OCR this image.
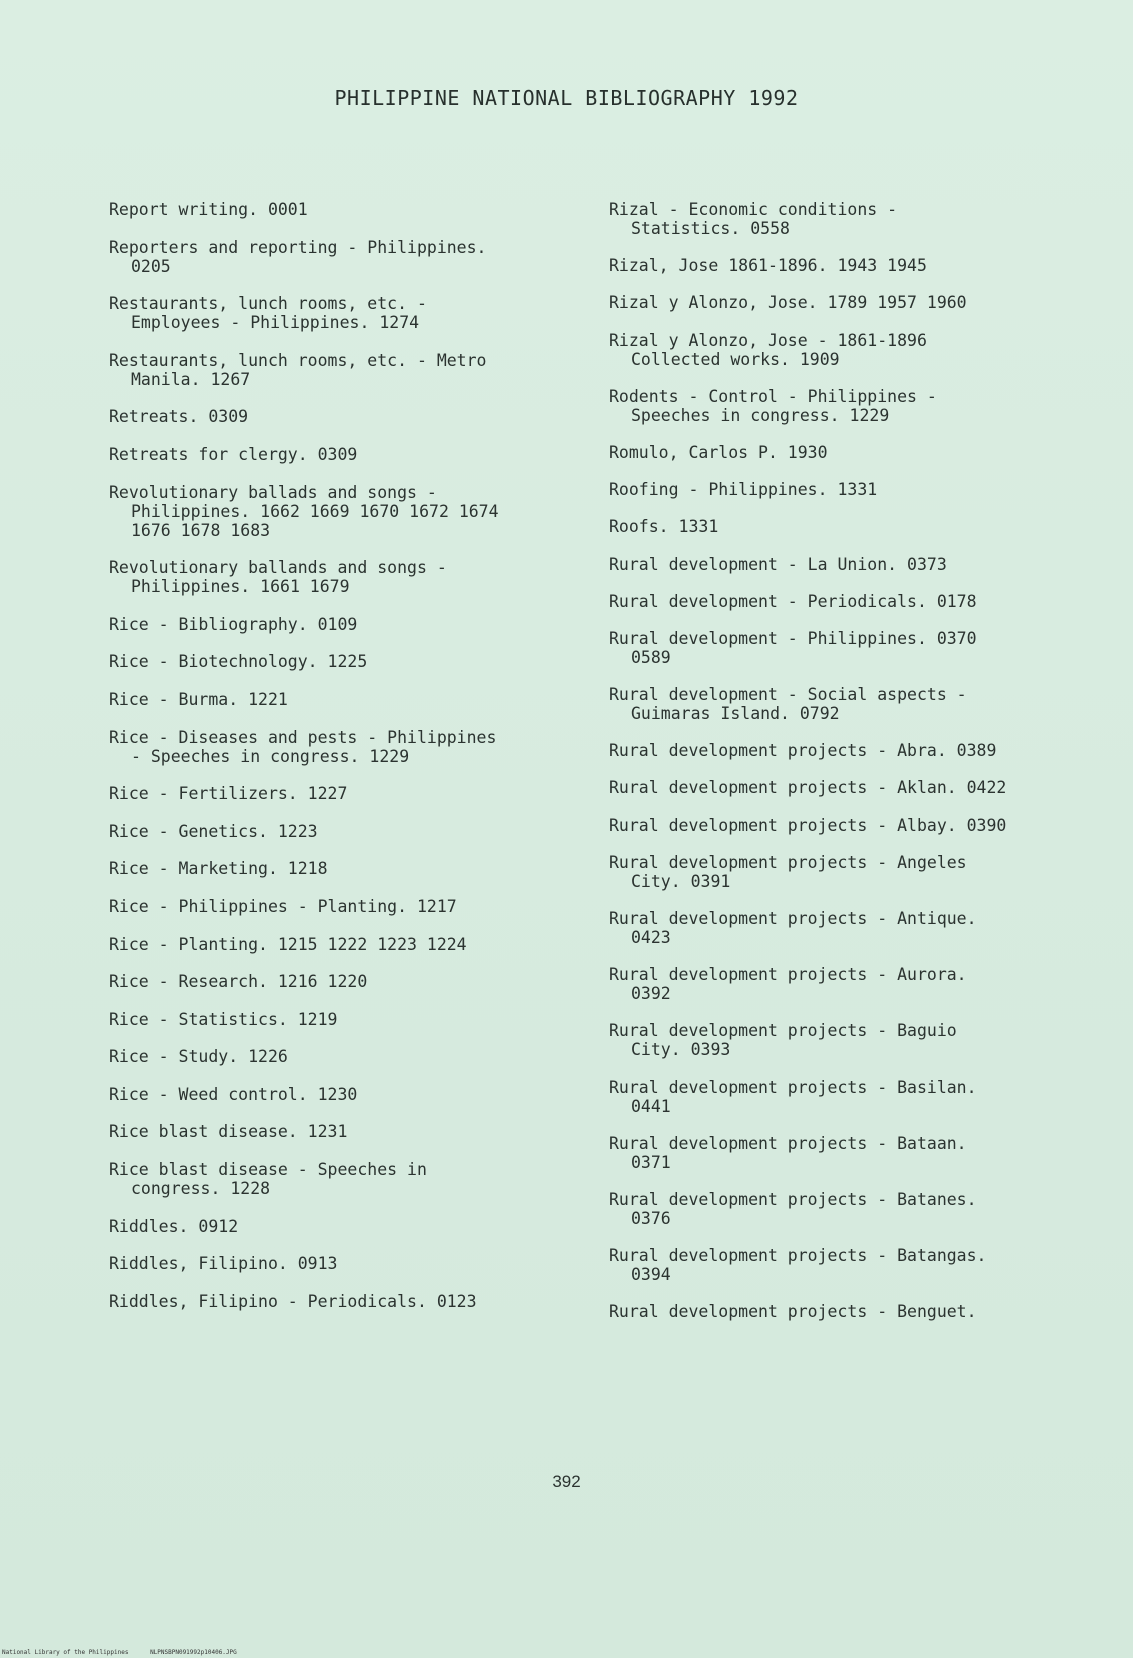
PHILIPPINE NATIONAL BIBLIOGRAPHY 1992
Report writing. 0001
Reporters and reporting - Philippines.
0205
Restaurants, lunch rooms, etc. -
Employees - Philippines. 1274
Restaurants, lunch rooms, etc. - Metro
Manila. 1267
Retreats. 0309
Retreats for clergy. 0309
Revolutionary ballads and songs -
Philippines. 1662 1669 1670 1672 1674
1676 1678 1683
Revolutionary ballands and songs -
Philippines. 1661 1679
Rice - Bibliography. 0109
Rice - Biotechnology. 1225
Rice - Burma. 1221
Rice - Diseases and pests - Philippines
- Speeches in congress. 1229
Rice - Fertilizers. 1227
Rice - Genetics. 1223
Rice - Marketing. 1218
Rice - Philippines - Planting. 1217
Rice - Planting. 1215 1222 1223 1224
Rice - Research. 1216 1220
Rice - Statistics. 1219
Rice - Study. 1226
Rice - Weed control. 1230
Rice blast disease. 1231
Rice blast disease - Speeches in
congress. 1228
Riddles. 0912
Riddles, Filipino. 0913
Riddles, Filipino - Periodicals. 0123
Rizal - Economic conditions -
Statistics. 0558
Rizal, Jose 1861-1896. 1943 1945
Rizal y Alonzo, Jose. 1789 1957 1960
Rizal y Alonzo, Jose - 1861-1896
Collected works. 1909
Rodents - Control - Philippines -
Speeches in congress. 1229
Romulo, Carlos P. 1930
Roofing - Philippines. 1331
Roofs. 1331
Rural development - La Union. 0373
Rural development - Periodicals. 0178
Rural development - Philippines. 0370
0589
Rural development - Social aspects -
Guimaras Island. 0792
Rural development projects - Abra. 0389
Rural development projects - Aklan. 0422
Rural development projects - Albay. 0390
Rural development projects - Angeles
City. 0391
Rural development projects - Antique.
0423
Rural development projects - Aurora.
0392
Rural development projects - Baguio
City. 0393
Rural development projects - Basilan.
0441
Rural development projects - Bataan.
0371
Rural development projects - Batanes.
0376
Rural development projects - Batangas.
0394
Rural development projects - Benguet.
392
National Library of the Philippines	NLPNSBPN091992p10406.JPG
